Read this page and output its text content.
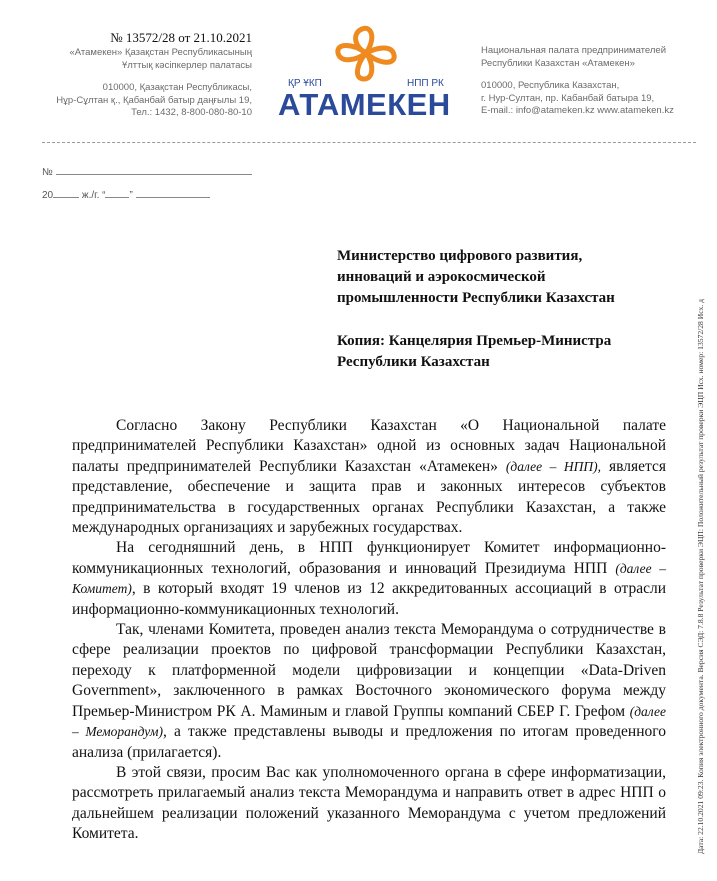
№ 13572/28 от 21.10.2021
«Атамекен» Қазақстан Республикасының
Ұлттық кәсіпкерлер палатасы
010000, Қазақстан Республикасы,
Нұр-Сұлтан қ., Қабанбай батыр даңғылы 19,
Тел.: 1432, 8-800-080-80-10
ҚР ҰКП	НПП РК
АТАМЕКЕН
Национальная палата предпринимателей
Республики Казахстан «Атамекен»
010000, Республика Казахстан,
г. Нур-Султан, пр. Кабанбай батыра 19,
E-mail.: info@atameken.kz www.atameken.kz
№
20	ж./г. “ ”
Министерство цифрового развития,
инноваций и аэрокосмической
промышленности Республики Казахстан
Копия: Канцелярия Премьер-Министра
Республики Казахстан

Согласно Закону Республики Казахстан «О Национальной палате предпринимателей Республики Казахстан» одной из основных задач Национальной палаты предпринимателей Республики Казахстан «Атамекен» (далее – НПП), является представление, обеспечение и защита прав и законных интересов субъектов предпринимательства в государственных органах Республики Казахстан, а также международных организациях и зарубежных государствах.

На сегодняшний день, в НПП функционирует Комитет информационно-коммуникационных технологий, образования и инноваций Президиума НПП (далее – Комитет), в который входят 19 членов из 12 аккредитованных ассоциаций в отрасли информационно-коммуникационных технологий.

Так, членами Комитета, проведен анализ текста Меморандума о сотрудничестве в сфере реализации проектов по цифровой трансформации Республики Казахстан, переходу к платформенной модели цифровизации и концепции «Data-Driven Government», заключенного в рамках Восточного экономического форума между Премьер-Министром РК А. Маминым и главой Группы компаний СБЕР Г. Грефом (далее – Меморандум), а также представлены выводы и предложения по итогам проведенного анализа (прилагается).

В этой связи, просим Вас как уполномоченного органа в сфере информатизации, рассмотреть прилагаемый анализ текста Меморандума и направить ответ в адрес НПП о дальнейшем реализации положений указанного Меморандума с учетом предложений Комитета.	Дата: 22.10.2021 09:23. Копия электронного документа. Версия СЭД: 7.8.8 Результат проверки ЭЦП: Положительный результат проверки ЭЦП Исх. номер: 13572/28 Исх. д
